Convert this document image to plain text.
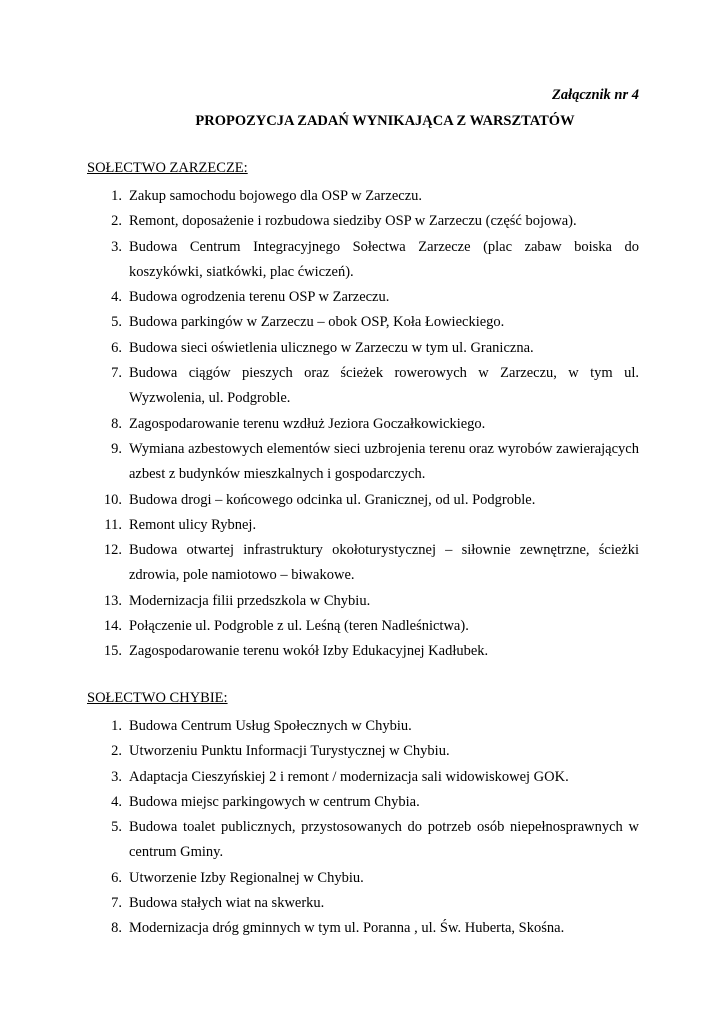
Załącznik nr 4
PROPOZYCJA ZADAŃ WYNIKAJĄCA Z WARSZTATÓW
SOŁECTWO ZARZECZE:
1. Zakup samochodu bojowego dla OSP w Zarzeczu.
2. Remont, doposażenie i rozbudowa siedziby OSP w Zarzeczu (część bojowa).
3. Budowa Centrum Integracyjnego Sołectwa Zarzecze (plac zabaw boiska do koszykówki, siatkówki, plac ćwiczeń).
4. Budowa ogrodzenia terenu OSP w Zarzeczu.
5. Budowa parkingów w Zarzeczu – obok OSP, Koła Łowieckiego.
6. Budowa sieci oświetlenia ulicznego w Zarzeczu w tym ul. Graniczna.
7. Budowa ciągów pieszych oraz ścieżek rowerowych w Zarzeczu, w tym ul. Wyzwolenia, ul. Podgroble.
8. Zagospodarowanie terenu wzdłuż Jeziora Goczałkowickiego.
9. Wymiana azbestowych elementów sieci uzbrojenia terenu oraz wyrobów zawierających azbest z budynków mieszkalnych i gospodarczych.
10. Budowa drogi – końcowego odcinka ul. Granicznej, od ul. Podgroble.
11. Remont ulicy Rybnej.
12. Budowa otwartej infrastruktury okołoturystycznej – siłownie zewnętrzne, ścieżki zdrowia, pole namiotowo – biwakowe.
13. Modernizacja filii przedszkola w Chybiu.
14. Połączenie ul. Podgroble z ul. Leśną (teren Nadleśnictwa).
15. Zagospodarowanie terenu wokół Izby Edukacyjnej Kadłubek.
SOŁECTWO CHYBIE:
1. Budowa Centrum Usług Społecznych w Chybiu.
2. Utworzeniu Punktu Informacji Turystycznej w Chybiu.
3. Adaptacja Cieszyńskiej 2 i remont / modernizacja sali widowiskowej GOK.
4. Budowa miejsc parkingowych w centrum Chybia.
5. Budowa toalet publicznych, przystosowanych do potrzeb osób niepełnosprawnych w centrum Gminy.
6. Utworzenie Izby Regionalnej w Chybiu.
7. Budowa stałych wiat na skwerku.
8. Modernizacja dróg gminnych w tym ul. Poranna , ul. Św. Huberta, Skośna.
